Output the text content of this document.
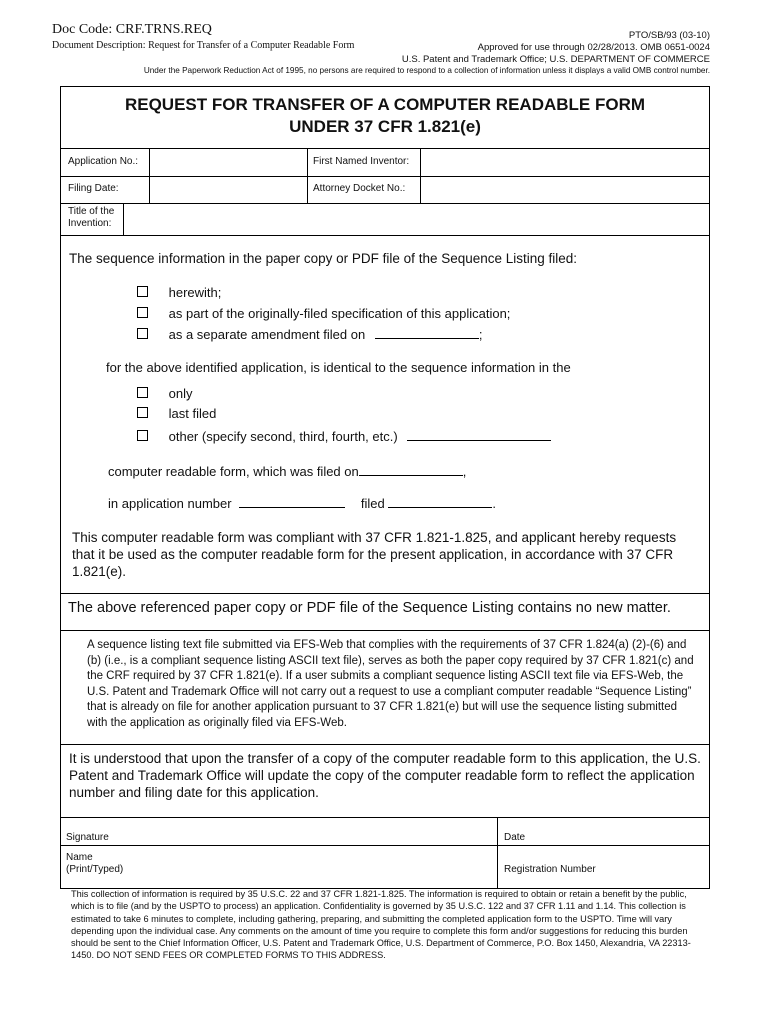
Doc Code: CRF.TRNS.REQ
Document Description: Request for Transfer of a Computer Readable Form
PTO/SB/93 (03-10)
Approved for use through 02/28/2013. OMB 0651-0024
U.S. Patent and Trademark Office; U.S. DEPARTMENT OF COMMERCE
Under the Paperwork Reduction Act of 1995, no persons are required to respond to a collection of information unless it displays a valid OMB control number.
REQUEST FOR TRANSFER OF A COMPUTER READABLE FORM
UNDER 37 CFR 1.821(e)
Application No.:	First Named Inventor:
Filing Date:	Attorney Docket No.:
Title of the
Invention:
The sequence information in the paper copy or PDF file of the Sequence Listing filed:
herewith;
as part of the originally-filed specification of this application;
as a separate amendment filed on	;
for the above identified application, is identical to the sequence information in the
only
last filed
other (specify second, third, fourth, etc.)
computer readable form, which was filed on	,
in application number	filed	.
This computer readable form was compliant with 37 CFR 1.821-1.825, and applicant hereby requests that it be used as the computer readable form for the present application, in accordance with 37 CFR 1.821(e).
The above referenced paper copy or PDF file of the Sequence Listing contains no new matter.
A sequence listing text file submitted via EFS-Web that complies with the requirements of 37 CFR 1.824(a) (2)-(6) and (b) (i.e., is a compliant sequence listing ASCII text file), serves as both the paper copy required by 37 CFR 1.821(c) and the CRF required by 37 CFR 1.821(e). If a user submits a compliant sequence listing ASCII text file via EFS-Web, the U.S. Patent and Trademark Office will not carry out a request to use a compliant computer readable “Sequence Listing” that is already on file for another application pursuant to 37 CFR 1.821(e) but will use the sequence listing submitted with the application as originally filed via EFS-Web.
It is understood that upon the transfer of a copy of the computer readable form to this application, the U.S. Patent and Trademark Office will update the copy of the computer readable form to reflect the application number and filing date for this application.
Signature	Date
Name
(Print/Typed)	Registration Number
This collection of information is required by 35 U.S.C. 22 and 37 CFR 1.821-1.825. The information is required to obtain or retain a benefit by the public, which is to file (and by the USPTO to process) an application. Confidentiality is governed by 35 U.S.C. 122 and 37 CFR 1.11 and 1.14. This collection is estimated to take 6 minutes to complete, including gathering, preparing, and submitting the completed application form to the USPTO. Time will vary depending upon the individual case. Any comments on the amount of time you require to complete this form and/or suggestions for reducing this burden should be sent to the Chief Information Officer, U.S. Patent and Trademark Office, U.S. Department of Commerce, P.O. Box 1450, Alexandria, VA 22313-1450. DO NOT SEND FEES OR COMPLETED FORMS TO THIS ADDRESS.
